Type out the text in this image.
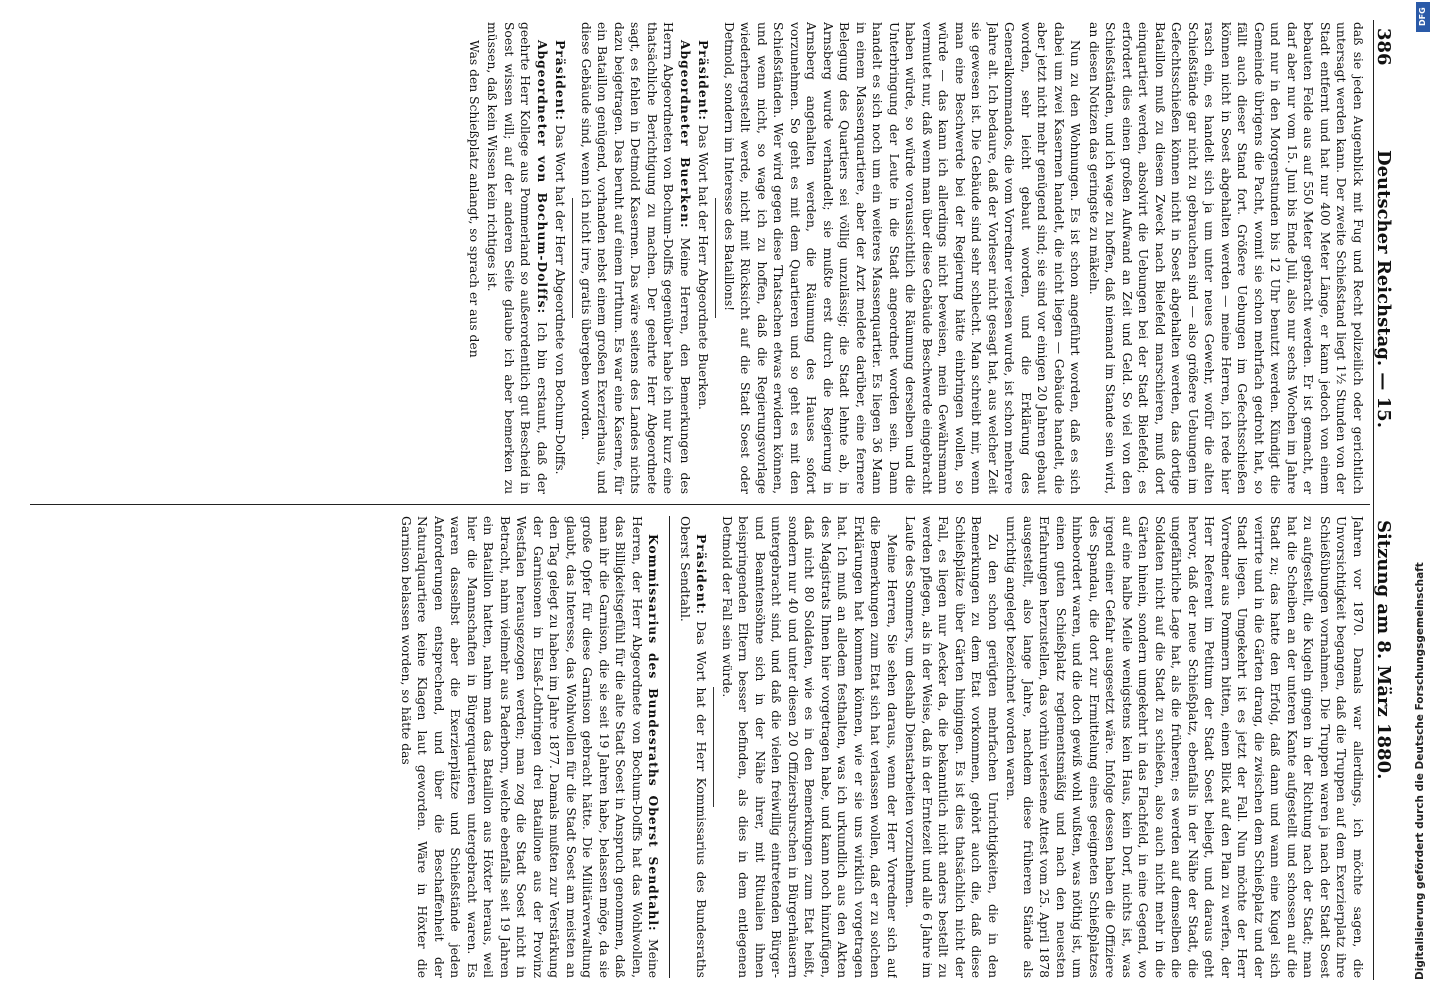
386
Deutscher Reichstag. — 15.
Sitzung am 8. März 1880.

daß sie jeden Augenblick mit Fug und Recht polizeilich oder gerichtlich untersagt werden kann. Der zweite Schießstand liegt 1½ Stunden von der Stadt entfernt und hat nur 400 Meter Länge, er kann jedoch von einem bebauten Felde aus auf 550 Meter gebracht werden. Er ist gemacht, er darf aber nur vom 15. Juni bis Ende Juli, also nur sechs Wochen im Jahre und nur in den Morgenstunden bis 12 Uhr benutzt werden. Kündigt die Gemeinde übrigens die Pacht, womit sie schon mehrfach gedroht hat, so fällt auch dieser Stand fort. Größere Uebungen im Gefechtsschießen können nicht in Soest abgehalten werden — meine Herren, ich rede hier rasch ein, es handelt sich ja um unter neues Gewehr, wofür die alten Schießstände gar nicht zu gebrauchen sind — also größere Uebungen im Gefechtsschießen können nicht in Soest abgehalten werden, das dortige Bataillon muß zu diesem Zweck nach Bielefeld marschieren, muß dort einquartiert werden, absolvirt die Uebungen bei der Stadt Bielefeld; es erfordert dies einen großen Aufwand an Zeit und Geld. So viel von den Schießständen, und ich wage zu hoffen, daß niemand im Stande sein wird, an diesen Notizen das geringste zu mäkeln.

Nun zu den Wohnungen. Es ist schon angeführt worden, daß es sich dabei um zwei Kasernen handelt, die nicht liegen — Gebäude handelt, die aber jetzt nicht mehr genügend sind; sie sind vor einigen 20 Jahren gebaut worden, sehr leicht gebaut worden, und die Erklärung des Generalkommandos, die vom Vorredner verlesen wurde, ist schon mehrere Jahre alt. Ich bedaure, daß der Vorleser nicht gesagt hat, aus welcher Zeit sie gewesen ist. Die Gebäude sind sehr schlecht. Man schreibt mir, wenn man eine Beschwerde bei der Regierung hätte einbringen wollen, so würde — das kann ich allerdings nicht beweisen, mein Gewährsmann vermutet nur, daß wenn man über diese Gebäude Beschwerde eingebracht haben würde, so würde voraussichtlich die Räumung derselben und die Unterbringung der Leute in die Stadt angeordnet worden sein. Dann handelt es sich noch um ein weiteres Massenquartier. Es liegen 36 Mann in einem Massenquartiere, aber der Arzt meldete darüber, eine fernere Belegung des Quartiers sei völlig unzulässig; die Stadt lehnte ab, in Arnsberg wurde verhandelt; sie mußte erst durch die Regierung in Arnsberg angehalten werden, die Räumung des Hauses sofort vorzunehmen. So geht es mit dem Quartieren und so geht es mit den Schießständen. Wer wird gegen diese Thatsachen etwas erwidern können, und wenn nicht, so wage ich zu hoffen, daß die Regierungsvorlage wiederhergestellt werde, nicht mit Rücksicht auf die Stadt Soest oder Detmold, sondern im Interesse des Bataillons!

Präsident: Das Wort hat der Herr Abgeordnete Buerken.

Abgeordneter Buerken: Meine Herren, den Bemerkungen des Herrn Abgeordneten von Bochum-Dolffs gegenüber habe ich nur kurz eine thatsächliche Berichtigung zu machen. Der geehrte Herr Abgeordnete sagt, es fehlen in Detmold Kasernen. Das wäre seitens des Landes nichts dazu beigetragen. Das beruht auf einem Irrthum. Es war eine Kaserne, für ein Bataillon genügend, vorhanden nebst einem großen Exerzierhaus, und diese Gebäude sind, wenn ich nicht irre, gratis übergeben worden.

Präsident: Das Wort hat der Herr Abgeordnete von Bochum-Dolffs.

Abgeordneter von Bochum-Dolffs: Ich bin erstaunt, daß der geehrte Herr Kollege aus Pommerland so außerordentlich gut Bescheid in Soest wissen will; auf der anderen Seite glaube ich aber bemerken zu müssen, daß kein Wissen kein richtiges ist.

Was den Schießplatz anlangt, so sprach er aus den

Jahren vor 1870. Damals war allerdings, ich möchte sagen, die Unvorsichtigkeit begangen, daß die Truppen auf dem Exerzierplatz ihre Schießübungen vornahmen. Die Truppen waren ja nach der Stadt Soest zu aufgestellt, die Kugeln gingen in der Richtung nach der Stadt; man hat die Scheiben an der unteren Kante aufgestellt und schossen auf die Stadt zu; das hatte den Erfolg, daß dann und wann eine Kugel sich verirrte und in die Gärten drang, die zwischen dem Schießplatz und der Stadt liegen. Umgekehrt ist es jetzt der Fall. Nun möchte der Herr Vorredner aus Pommern bitten, einen Blick auf den Plan zu werfen, der Herr Referent im Petitum der Stadt Soest beilegt, und daraus geht hervor, daß der neue Schießplatz, ebenfalls in der Nähe der Stadt, die ungefährliche Lage hat, als die früheren; es werden auf demselben die Soldaten nicht auf die Stadt zu schießen, also auch nicht mehr in die Gärten hinein, sondern umgekehrt in das Flachfeld, in eine Gegend, wo auf eine halbe Meile wenigstens kein Haus, kein Dorf, nichts ist, was irgend einer Gefahr ausgesetzt wäre. Infolge dessen haben die Offiziere des Spandau, die dort zur Ermittelung eines geeigneten Schießplatzes hinbeordert waren, und die doch gewiß wohl wußten, was nöthig ist, um einen guten Schießplatz reglementsmäßig und nach den neuesten Erfahrungen herzustellen, das vorhin verlesene Attest vom 25. April 1878 ausgestellt, also lange Jahre, nachdem diese früheren Stände als unrichtig angelegt bezeichnet worden waren.

Zu den schon gerügten mehrfachen Unrichtigkeiten, die in den Bemerkungen zu dem Etat vorkommen, gehört auch die, daß diese Schießplätze über Gärten hingingen. Es ist dies thatsächlich nicht der Fall, es liegen nur Aecker da, die bekanntlich nicht anders bestellt zu werden pflegen, als in der Weise, daß in der Erntezeit und alle 6 Jahre im Laufe des Sommers, um deshalb Dienstarbeiten vorzunehmen.

Meine Herren, Sie sehen daraus, wenn der Herr Vorredner sich auf die Bemerkungen zum Etat sich hat verlassen wollen, daß er zu solchen Erklärungen hat kommen können, wie er sie uns wirklich vorgetragen hat. Ich muß an alledem festhalten, was ich urkundlich aus den Akten des Magistrats Ihnen hier vorgetragen habe, und kann noch hinzufügen, daß nicht 80 Soldaten, wie es in den Bemerkungen zum Etat heißt, sondern nur 40 und unter diesen 20 Offiziersburschen in Bürgerhäusern untergebracht sind, und daß die vielen freiwillig eintretenden Bürger- und Beamtensöhne sich in der Nähe ihrer, mit Ritualien ihnen beispringenden Eltern besser befinden, als dies in dem entlegenen Detmold der Fall sein würde.

Präsident: Das Wort hat der Herr Kommissarius des Bundesraths Oberst Sendtahl.

Kommissarius des Bundesraths Oberst Sendtahl: Meine Herren, der Herr Abgeordnete von Bochum-Dolffs hat das Wohlwollen, das Billigkeitsgefühl für die alte Stadt Soest in Anspruch genommen, daß man ihr die Garnison, die sie seit 19 Jahren habe, belassen möge, da sie große Opfer für diese Garnison gebracht hätte. Die Militärverwaltung glaubt, das Interesse, das Wohlwollen für die Stadt Soest am meisten an den Tag gelegt zu haben im Jahre 1877. Damals mußten zur Verstärkung der Garnisonen in Elsaß-Lothringen drei Bataillone aus der Provinz Westfalen herausgezogen werden; man zog die Stadt Soest nicht in Betracht, nahm vielmehr aus Paderborn, welche ebenfalls seit 19 Jahren ein Bataillon hatten, nahm man das Bataillon aus Höxter heraus, weil hier die Mannschaften in Bürgerquartieren untergebracht waren. Es waren dasselbst aber die Exerzierplätze und Schießstände jeden Anforderungen entsprechend, und über die Beschaffenheit der Naturalquartiere keine Klagen laut geworden. Wäre in Höxter die Garnison belassen worden, so hätte das

DFG
Digitalisierung gefördert durch die Deutsche Forschungsgemeinschaft
